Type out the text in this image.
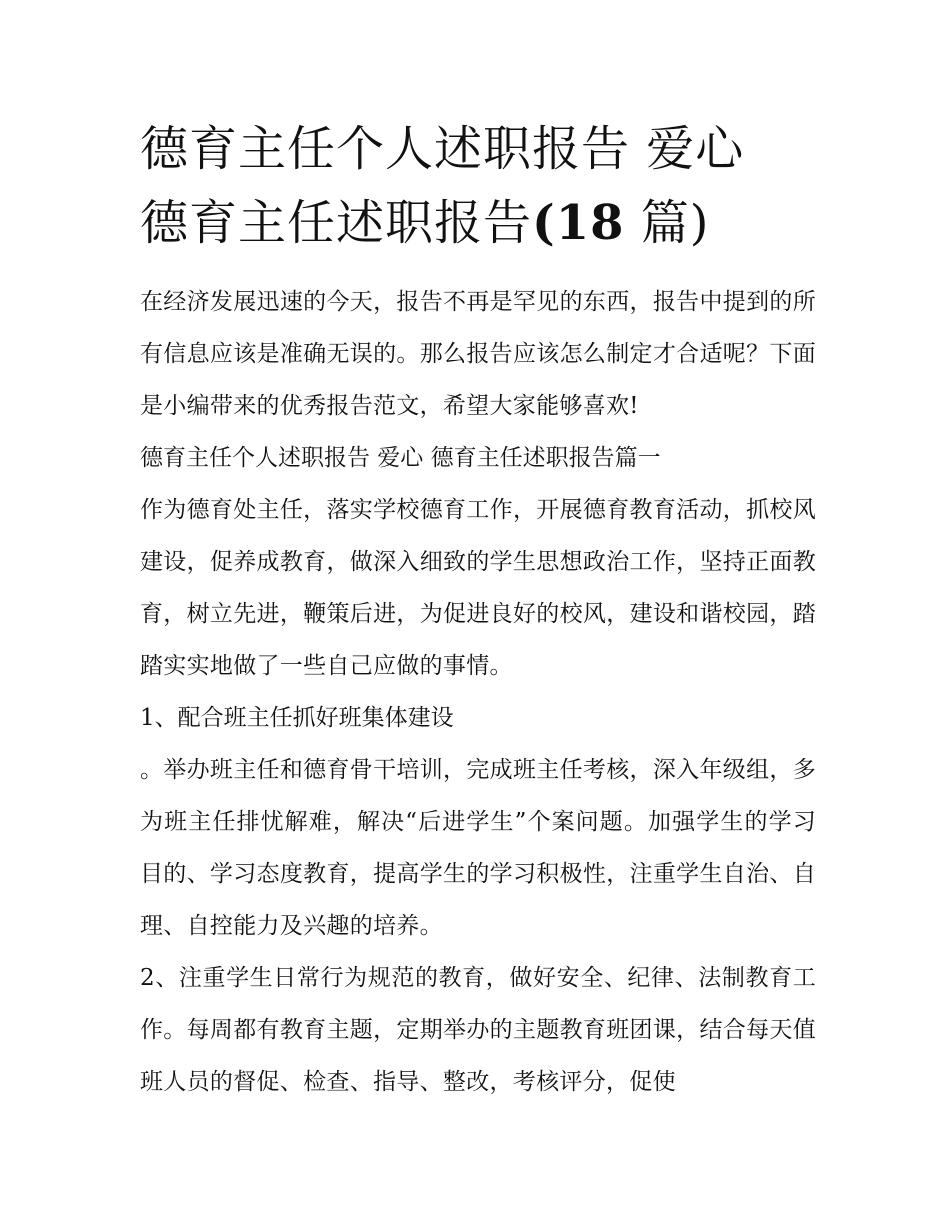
德育主任个人述职报告 爱心
德育主任述职报告(18 篇)

在经济发展迅速的今天，报告不再是罕见的东西，报告中提到的所有信息应该是准确无误的。那么报告应该怎么制定才合适呢？下面是小编带来的优秀报告范文，希望大家能够喜欢!

德育主任个人述职报告 爱心 德育主任述职报告篇一

作为德育处主任，落实学校德育工作，开展德育教育活动，抓校风建设，促养成教育，做深入细致的学生思想政治工作，坚持正面教育，树立先进，鞭策后进，为促进良好的校风，建设和谐校园，踏踏实实地做了一些自己应做的事情。

1、配合班主任抓好班集体建设

。举办班主任和德育骨干培训，完成班主任考核，深入年级组，多为班主任排忧解难，解决“后进学生”个案问题。加强学生的学习目的、学习态度教育，提高学生的学习积极性，注重学生自治、自理、自控能力及兴趣的培养。

2、注重学生日常行为规范的教育，做好安全、纪律、法制教育工作。每周都有教育主题，定期举办的主题教育班团课，结合每天值班人员的督促、检查、指导、整改，考核评分，促使
